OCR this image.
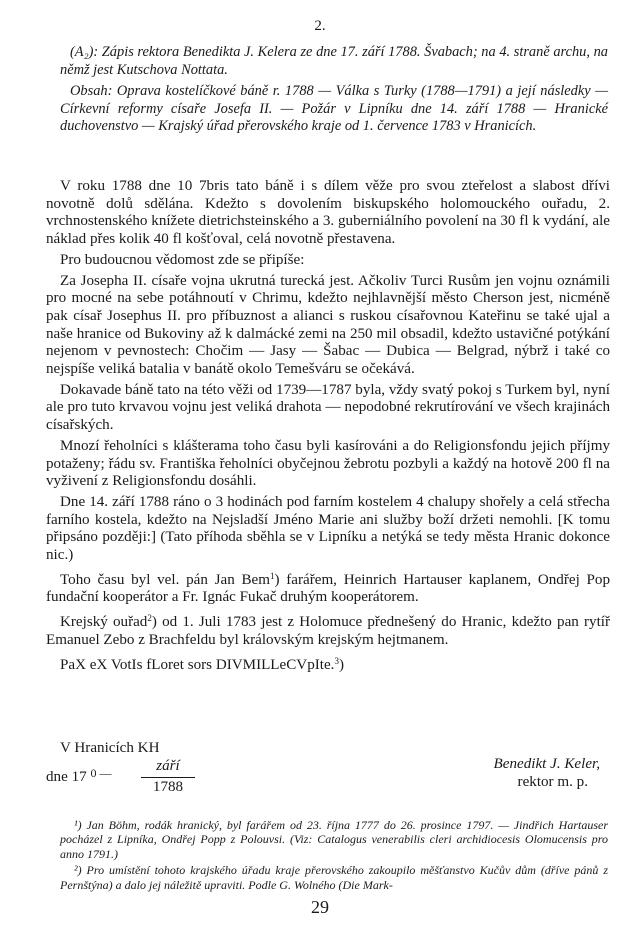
2.

(A₂): Zápis rektora Benedikta J. Kelera ze dne 17. září 1788. Švabach; na 4. straně archu, na němž jest Kutschova Nottata.

Obsah: Oprava kostelíčkové báně r. 1788 — Válka s Turky (1788—1791) a její následky — Církevní reformy císaře Josefa II. — Požár v Lipníku dne 14. září 1788 — Hranické duchovenstvo — Krajský úřad přerovského kraje od 1. července 1783 v Hranicích.

V roku 1788 dne 10 7bris tato báně i s dílem věže pro svou zteřelost a slabost dřívi novotně dolů sdělána. Kdežto s dovolením biskupského holomouckého ouřadu, 2. vrchnostenského knížete dietrichsteinského a 3. guberniálního povolení na 30 fl k vydání, ale náklad přes kolik 40 fl košťoval, celá novotně přestavena.

Pro budoucnou vědomost zde se připíše:

Za Josepha II. císaře vojna ukrutná turecká jest. Ačkoliv Turci Rusům jen vojnu oznámili pro mocné na sebe potáhnoutí v Chrimu, kdežto nejhlavnější město Cherson jest, nicméně pak císař Josephus II. pro příbuznost a alianci s ruskou císařovnou Kateřinu se také ujal a naše hranice od Bukoviny až k dalmácké zemi na 250 mil obsadil, kdežto ustavičné potýkání nejenom v pevnostech: Chočim — Jasy — Šabac — Dubica — Belgrad, nýbrž i také co nejspíše veliká batalia v banátě okolo Temešváru se očekává.

Dokavade báně tato na této věži od 1739—1787 byla, vždy svatý pokoj s Turkem byl, nyní ale pro tuto krvavou vojnu jest veliká drahota — nepodobné rekrutírování ve všech krajinách císařských.

Mnozí řeholníci s klášterama toho času byli kasírováni a do Religionsfondu jejich příjmy potaženy; řádu sv. Františka řeholníci obyčejnou žebrotu pozbyli a každý na hotově 200 fl na vyživení z Religionsfondu dosáhli.

Dne 14. září 1788 ráno o 3 hodinách pod farním kostelem 4 chalupy shořely a celá střecha farního kostela, kdežto na Nejsladší Jméno Marie ani služby boží držeti nemohli. [K tomu připsáno později:] (Tato příhoda sběhla se v Lipníku a netýká se tedy města Hranic dokonce nic.)

Toho času byl vel. pán Jan Bem$^1$) farářem, Heinrich Hartauser kaplanem, Ondřej Pop fundační kooperátor a Fr. Ignác Fukač druhým kooperátorem.

Krejský ouřad$^2$) od 1. Juli 1783 jest z Holomuce přednešený do Hranic, kdežto pan rytíř Emanuel Zebo z Brachfeldu byl královským krejským hejtmanem.

PaX eX VotIs fLoret sors DIVMILLeCVpIte.$^3$)

V Hranicích KH
dne 17 $^{0 —}$	září
1788
Benedikt J. Keler,
rektor m. p.

¹) Jan Böhm, rodák hranický, byl farářem od 23. října 1777 do 26. prosince 1797. — Jindřich Hartauser pocházel z Lipníka, Ondřej Popp z Polouvsi. (Viz: Catalogus venerabilis cleri archidiocesis Olomucensis pro anno 1791.)

²) Pro umístění tohoto krajského úřadu kraje přerovského zakoupilo měšťanstvo Kučův dům (dříve pánů z Pernštýna) a dalo jej náležitě upraviti. Podle G. Wolného (Die Mark-

29
